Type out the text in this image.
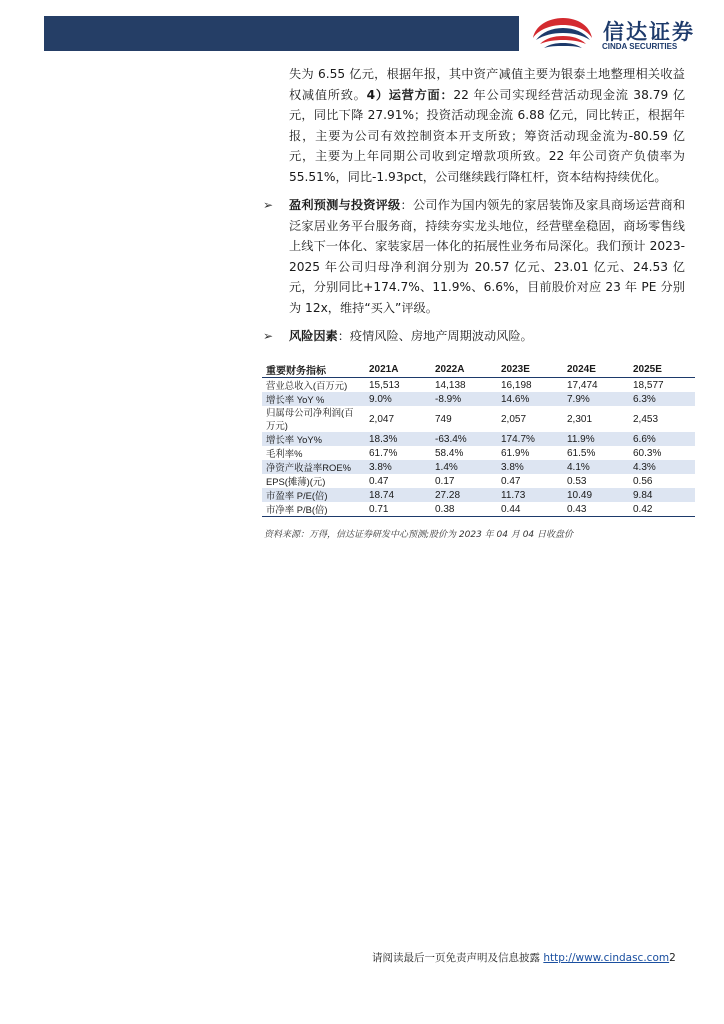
信达证券
CINDA SECURITIES

失为 6.55 亿元，根据年报，其中资产减值主要为银泰土地整理相关收益权减值所致。4）运营方面：22 年公司实现经营活动现金流 38.79 亿元，同比下降 27.91%；投资活动现金流 6.88 亿元，同比转正，根据年报，主要为公司有效控制资本开支所致；筹资活动现金流为-80.59 亿元，主要为上年同期公司收到定增款项所致。22 年公司资产负债率为 55.51%，同比-1.93pct，公司继续践行降杠杆，资本结构持续优化。

➢ 盈利预测与投资评级：公司作为国内领先的家居装饰及家具商场运营商和泛家居业务平台服务商，持续夯实龙头地位，经营壁垒稳固，商场零售线上线下一体化、家装家居一体化的拓展性业务布局深化。我们预计 2023-2025 年公司归母净利润分别为 20.57 亿元、23.01 亿元、24.53 亿元，分别同比+174.7%、11.9%、6.6%，目前股价对应 23 年 PE 分别为 12x，维持“买入”评级。

➢ 风险因素：疫情风险、房地产周期波动风险。

重要财务指标	2021A	2022A	2023E	2024E	2025E
营业总收入(百万元)	15,513	14,138	16,198	17,474	18,577
增长率 YoY %	9.0%	-8.9%	14.6%	7.9%	6.3%
归属母公司净利润(百万元)	2,047	749	2,057	2,301	2,453
增长率 YoY%	18.3%	-63.4%	174.7%	11.9%	6.6%
毛利率%	61.7%	58.4%	61.9%	61.5%	60.3%
净资产收益率ROE%	3.8%	1.4%	3.8%	4.1%	4.3%
EPS(摊薄)(元)	0.47	0.17	0.47	0.53	0.56
市盈率 P/E(倍)	18.74	27.28	11.73	10.49	9.84
市净率 P/B(倍)	0.71	0.38	0.44	0.43	0.42
资料来源：万得，信达证券研发中心预测;股价为 2023 年 04 月 04 日收盘价
请阅读最后一页免责声明及信息披露 http://www.cindasc.com2
